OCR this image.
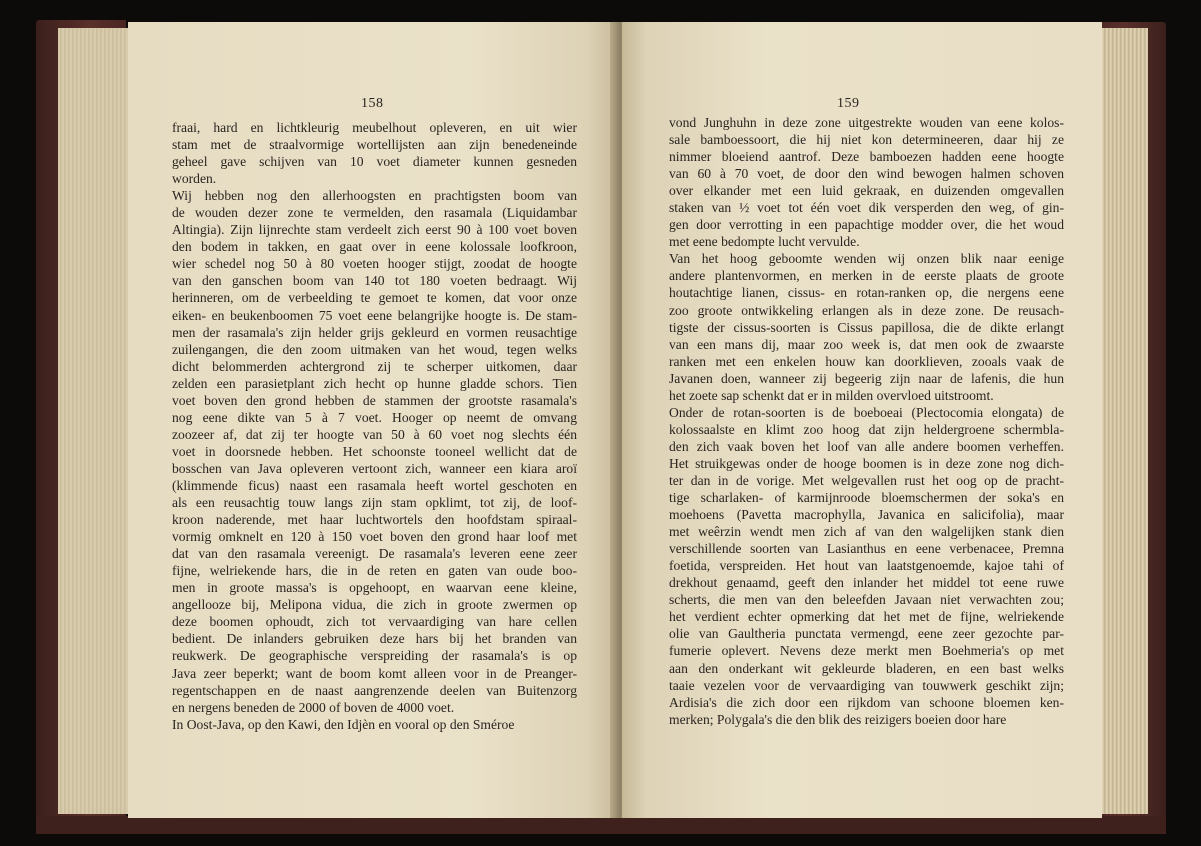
158
fraai, hard en lichtkleurig meubelhout opleveren, en uit wier
stam met de straalvormige wortellijsten aan zijn benedeneinde
geheel gave schijven van 10 voet diameter kunnen gesneden
worden.
Wij hebben nog den allerhoogsten en prachtigsten boom van
de wouden dezer zone te vermelden, den rasamala (Liquidambar
Altingia). Zijn lijnrechte stam verdeelt zich eerst 90 à 100 voet boven
den bodem in takken, en gaat over in eene kolossale loofkroon,
wier schedel nog 50 à 80 voeten hooger stijgt, zoodat de hoogte
van den ganschen boom van 140 tot 180 voeten bedraagt. Wij
herinneren, om de verbeelding te gemoet te komen, dat voor onze
eiken- en beukenboomen 75 voet eene belangrijke hoogte is. De stam-
men der rasamala's zijn helder grijs gekleurd en vormen reusachtige
zuilengangen, die den zoom uitmaken van het woud, tegen welks
dicht belommerden achtergrond zij te scherper uitkomen, daar
zelden een parasietplant zich hecht op hunne gladde schors. Tien
voet boven den grond hebben de stammen der grootste rasamala's
nog eene dikte van 5 à 7 voet. Hooger op neemt de omvang
zoozeer af, dat zij ter hoogte van 50 à 60 voet nog slechts één
voet in doorsnede hebben. Het schoonste tooneel wellicht dat de
bosschen van Java opleveren vertoont zich, wanneer een kiara aroï
(klimmende ficus) naast een rasamala heeft wortel geschoten en
als een reusachtig touw langs zijn stam opklimt, tot zij, de loof-
kroon naderende, met haar luchtwortels den hoofdstam spiraal-
vormig omknelt en 120 à 150 voet boven den grond haar loof met
dat van den rasamala vereenigt. De rasamala's leveren eene zeer
fijne, welriekende hars, die in de reten en gaten van oude boo-
men in groote massa's is opgehoopt, en waarvan eene kleine,
angellooze bij, Melipona vidua, die zich in groote zwermen op
deze boomen ophoudt, zich tot vervaardiging van hare cellen
bedient. De inlanders gebruiken deze hars bij het branden van
reukwerk. De geographische verspreiding der rasamala's is op
Java zeer beperkt; want de boom komt alleen voor in de Preanger-
regentschappen en de naast aangrenzende deelen van Buitenzorg
en nergens beneden de 2000 of boven de 4000 voet.
In Oost-Java, op den Kawi, den Idjèn en vooral op den Sméroe
159
vond Junghuhn in deze zone uitgestrekte wouden van eene kolos-
sale bamboessoort, die hij niet kon determineeren, daar hij ze
nimmer bloeiend aantrof. Deze bamboezen hadden eene hoogte
van 60 à 70 voet, de door den wind bewogen halmen schoven
over elkander met een luid gekraak, en duizenden omgevallen
staken van ½ voet tot één voet dik versperden den weg, of gin-
gen door verrotting in een papachtige modder over, die het woud
met eene bedompte lucht vervulde.
Van het hoog geboomte wenden wij onzen blik naar eenige
andere plantenvormen, en merken in de eerste plaats de groote
houtachtige lianen, cissus- en rotan-ranken op, die nergens eene
zoo groote ontwikkeling erlangen als in deze zone. De reusach-
tigste der cissus-soorten is Cissus papillosa, die de dikte erlangt
van een mans dij, maar zoo week is, dat men ook de zwaarste
ranken met een enkelen houw kan doorklieven, zooals vaak de
Javanen doen, wanneer zij begeerig zijn naar de lafenis, die hun
het zoete sap schenkt dat er in milden overvloed uitstroomt.
Onder de rotan-soorten is de boeboeai (Plectocomia elongata) de
kolossaalste en klimt zoo hoog dat zijn heldergroene schermbla-
den zich vaak boven het loof van alle andere boomen verheffen.
Het struikgewas onder de hooge boomen is in deze zone nog dich-
ter dan in de vorige. Met welgevallen rust het oog op de pracht-
tige scharlaken- of karmijnroode bloemschermen der soka's en
moehoens (Pavetta macrophylla, Javanica en salicifolia), maar
met weêrzin wendt men zich af van den walgelijken stank dien
verschillende soorten van Lasianthus en eene verbenacee, Premna
foetida, verspreiden. Het hout van laatstgenoemde, kajoe tahi of
drekhout genaamd, geeft den inlander het middel tot eene ruwe
scherts, die men van den beleefden Javaan niet verwachten zou;
het verdient echter opmerking dat het met de fijne, welriekende
olie van Gaultheria punctata vermengd, eene zeer gezochte par-
fumerie oplevert. Nevens deze merkt men Boehmeria's op met
aan den onderkant wit gekleurde bladeren, en een bast welks
taaie vezelen voor de vervaardiging van touwwerk geschikt zijn;
Ardisia's die zich door een rijkdom van schoone bloemen ken-
merken; Polygala's die den blik des reizigers boeien door hare
